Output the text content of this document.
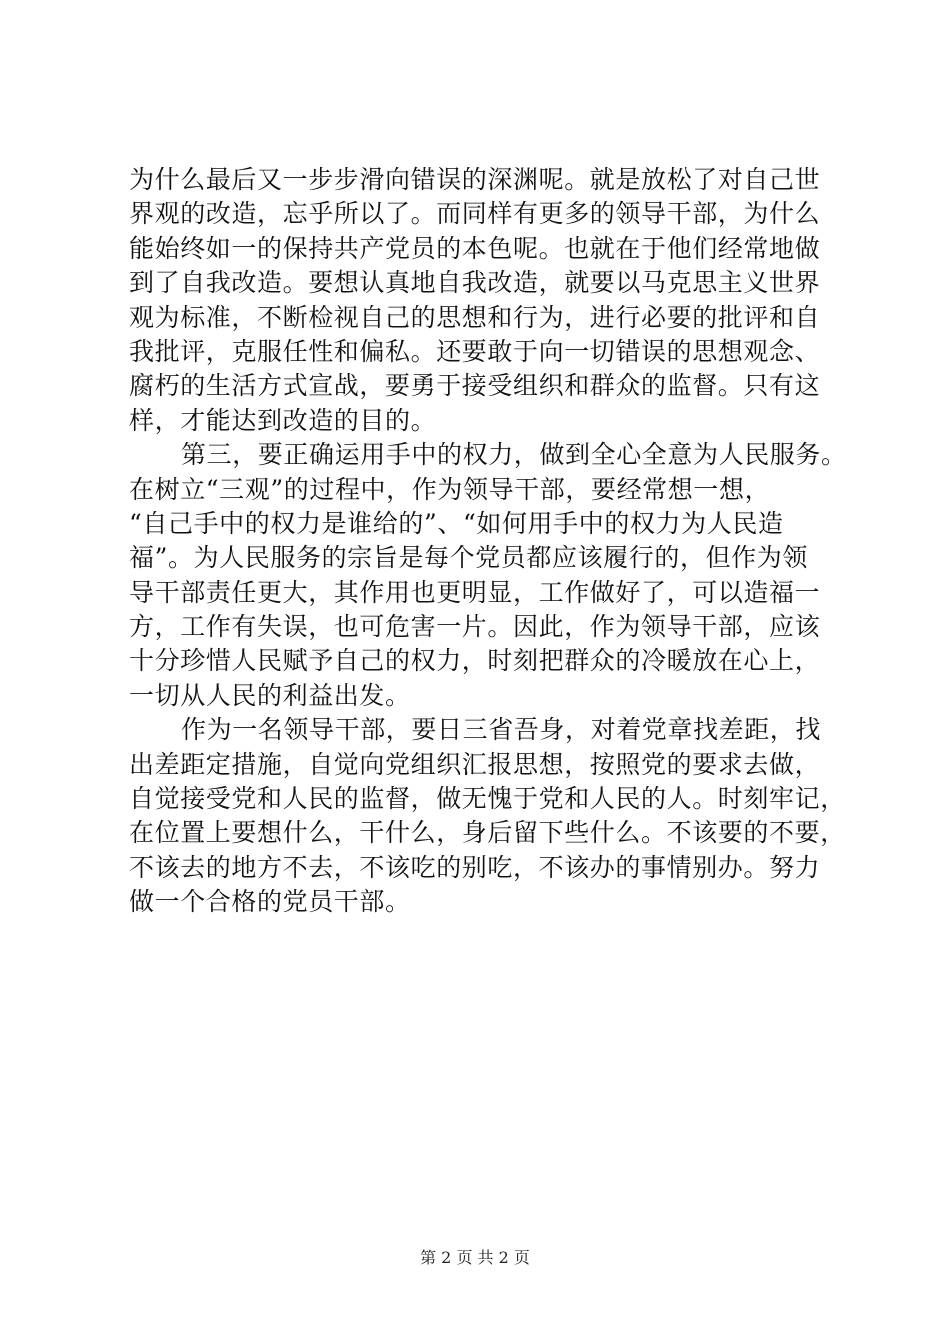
为什么最后又一步步滑向错误的深渊呢。就是放松了对自己世
界观的改造，忘乎所以了。而同样有更多的领导干部，为什么
能始终如一的保持共产党员的本色呢。也就在于他们经常地做
到了自我改造。要想认真地自我改造，就要以马克思主义世界
观为标准，不断检视自己的思想和行为，进行必要的批评和自
我批评，克服任性和偏私。还要敢于向一切错误的思想观念、
腐朽的生活方式宣战，要勇于接受组织和群众的监督。只有这
样，才能达到改造的目的。
第三，要正确运用手中的权力，做到全心全意为人民服务。
在树立“三观”的过程中，作为领导干部，要经常想一想，
“自己手中的权力是谁给的”、“如何用手中的权力为人民造
福”。为人民服务的宗旨是每个党员都应该履行的，但作为领
导干部责任更大，其作用也更明显，工作做好了，可以造福一
方，工作有失误，也可危害一片。因此，作为领导干部，应该
十分珍惜人民赋予自己的权力，时刻把群众的冷暖放在心上，
一切从人民的利益出发。
作为一名领导干部，要日三省吾身，对着党章找差距，找
出差距定措施，自觉向党组织汇报思想，按照党的要求去做，
自觉接受党和人民的监督，做无愧于党和人民的人。时刻牢记，
在位置上要想什么，干什么，身后留下些什么。不该要的不要，
不该去的地方不去，不该吃的别吃，不该办的事情别办。努力
做一个合格的党员干部。
第 2 页 共 2 页
